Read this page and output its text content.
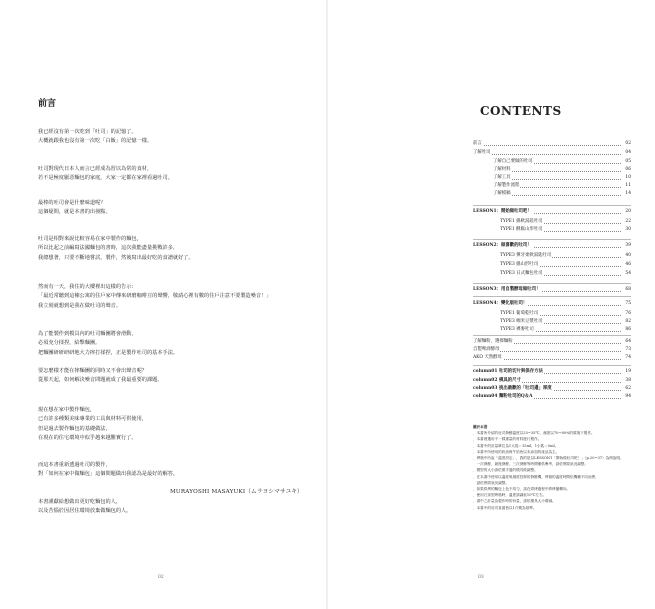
前言
我已經沒有第一次吃到「吐司」的記憶了。
大概就跟我也沒有第一次吃「白飯」的記憶一樣。
吐司對現代日本人而言已經成為習以為常的食材，
若不是極度厭惡麵包的家庭，大家一定都在家裡看過吐司。
最棒的吐司會是什麼味道呢？
這個疑問，就是本書的出發點。
吐司是相對來說比較容易在家中製作的麵包，
所以比起之前編寫法國麵包的書時，這次我能盡量挑戰許多，
我總想著，只要不斷地嘗試，製作，然後寫出最好吃的食譜就好了。
然而有一天，我住的大樓裡出這樣的告示：
「最近常聽到這棟公寓的住戶家中傳來研磨咖啡豆的聲響，敬請心裡有數的住戶注意不要製造噪音！」
我立刻就想到是我在做吐司的聲音。
為了能製作到模具內的吐司麵團將會滑動，
必須充分揉捏，給擊麵團。
把麵團研研研研地大力摔打揉捏，正是製作吐司的基本手法。
要怎麼樣才能在摔麵團的同時又不會出聲音呢？
從那天起，如何解決噪音問題就成了我最重要的課題。
現在想在家中製作麵包，
已有許多種類美味專業的工具與材料可供使用，
但是過去製作麵包的基礎做法，
在現在的住宅環境中似乎越來越難實行了。
而這本書重新透過吐司的製作，
對「如何在家中做麵包」這個問題做出我認為是最好的解答。
本書謹獻給想做出更好吃麵包的人，
以及苦惱於因居住環境放棄做麵包的人。
MURAYOSHI MASAYUKI（ムラヨシマサユキ）
02
CONTENTS
前言	02
了解吐司	04
了解自己要做的吐司	05
了解材料	06
了解工具	10
了解製作流程	11
了解模稿	14
LESSON1：開始做吐司吧！	20
TYPE1 綿軟湯匙吐司	22
TYPE1 酥鬆山形吐司	30
LESSON2：做喜歡的吐司！	39
TYPE3 彈牙柔軟湯匙吐司	40
TYPE3 綿山形吐司	46
TYPE3 日式麵包吐司	54
LESSON3：用自製酵母做吐司！	68
LESSON4：變化版吐司！	75
TYPE1 葡萄乾吐司	76
TYPE3 咖米豆漿吐司	82
TYPE3 裸麥吐司	86
了解麵粉，選擇麵粉	64
自製啤酒酵母	73
AKO 天然酵母	74
column01 吐司的切片與保存方法	19
column02 模具的尺寸	38
column03 挑出最歡的「吐司邊」厚度	62
column04 麵粉吐司的Q＆A	94
關於本書
．本書所介紹的吐司發酵溫度以25~35℃，濕度以70~80%的環境下製作。
．本書裡選用不一樣重量的材料進行製作。
．本書中的計量單位為1大匙＝15ml，1小匙＝5ml。
．本書中所使用的奶油與牛奶皆以未添加的產品為主。
．烤箱中所說「溫度設定」，我的是以LESSON1「開始做吐司吧！」（p.20~37）為例說明，
　一次發酵，最後發酵，三次發酵等時間僅供參考，請依實際狀況調整。
．模型的大小請依照手邊的模具做調整。
．在本書中使用以溫度與濕度控制的發酵機，烤箱的溫度時間依機種不同而異，
　請依實際狀況調整。
．如果烘烤的麵包上色不均勻，請在烘烤過程中將烤盤轉向。
．使用石窯型烤箱時，溫度請調低10℃左右。
．書中之計量為製作時的份量，請依模具大小增減。
．本書中的吐司食譜皆以1斤模為基準。
03
